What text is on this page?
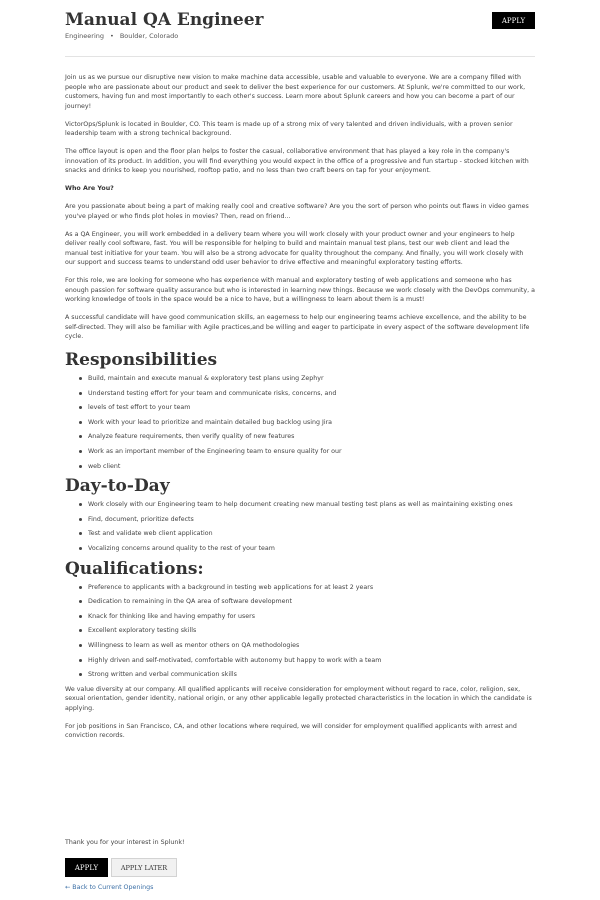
Manual QA Engineer
Engineering • Boulder, Colorado
APPLY

Join us as we pursue our disruptive new vision to make machine data accessible, usable and valuable to everyone. We are a company filled with people who are passionate about our product and seek to deliver the best experience for our customers. At Splunk, we're committed to our work, customers, having fun and most importantly to each other's success. Learn more about Splunk careers and how you can become a part of our journey!

VictorOps/Splunk is located in Boulder, CO. This team is made up of a strong mix of very talented and driven individuals, with a proven senior leadership team with a strong technical background.

The office layout is open and the floor plan helps to foster the casual, collaborative environment that has played a key role in the company's innovation of its product. In addition, you will find everything you would expect in the office of a progressive and fun startup - stocked kitchen with snacks and drinks to keep you nourished, rooftop patio, and no less than two craft beers on tap for your enjoyment.

Who Are You?

Are you passionate about being a part of making really cool and creative software? Are you the sort of person who points out flaws in video games you've played or who finds plot holes in movies? Then, read on friend...

As a QA Engineer, you will work embedded in a delivery team where you will work closely with your product owner and your engineers to help deliver really cool software, fast. You will be responsible for helping to build and maintain manual test plans, test our web client and lead the manual test initiative for your team. You will also be a strong advocate for quality throughout the company. And finally, you will work closely with our support and success teams to understand odd user behavior to drive effective and meaningful exploratory testing efforts.

For this role, we are looking for someone who has experience with manual and exploratory testing of web applications and someone who has enough passion for software quality assurance but who is interested in learning new things. Because we work closely with the DevOps community, a working knowledge of tools in the space would be a nice to have, but a willingness to learn about them is a must!

A successful candidate will have good communication skills, an eagerness to help our engineering teams achieve excellence, and the ability to be self-directed. They will also be familiar with Agile practices,and be willing and eager to participate in every aspect of the software development life cycle.

Responsibilities
Build, maintain and execute manual & exploratory test plans using Zephyr
Understand testing effort for your team and communicate risks, concerns, and
levels of test effort to your team
Work with your lead to prioritize and maintain detailed bug backlog using Jira
Analyze feature requirements, then verify quality of new features
Work as an important member of the Engineering team to ensure quality for our
web client
Day-to-Day
Work closely with our Engineering team to help document creating new manual testing test plans as well as maintaining existing ones
Find, document, prioritize defects
Test and validate web client application
Vocalizing concerns around quality to the rest of your team
Qualifications:
Preference to applicants with a background in testing web applications for at least 2 years
Dedication to remaining in the QA area of software development
Knack for thinking like and having empathy for users
Excellent exploratory testing skills
Willingness to learn as well as mentor others on QA methodologies
Highly driven and self-motivated, comfortable with autonomy but happy to work with a team
Strong written and verbal communication skills

We value diversity at our company. All qualified applicants will receive consideration for employment without regard to race, color, religion, sex, sexual orientation, gender identity, national origin, or any other applicable legally protected characteristics in the location in which the candidate is applying.

For job positions in San Francisco, CA, and other locations where required, we will consider for employment qualified applicants with arrest and conviction records.

Thank you for your interest in Splunk!
APPLY	APPLY LATER
← Back to Current Openings
